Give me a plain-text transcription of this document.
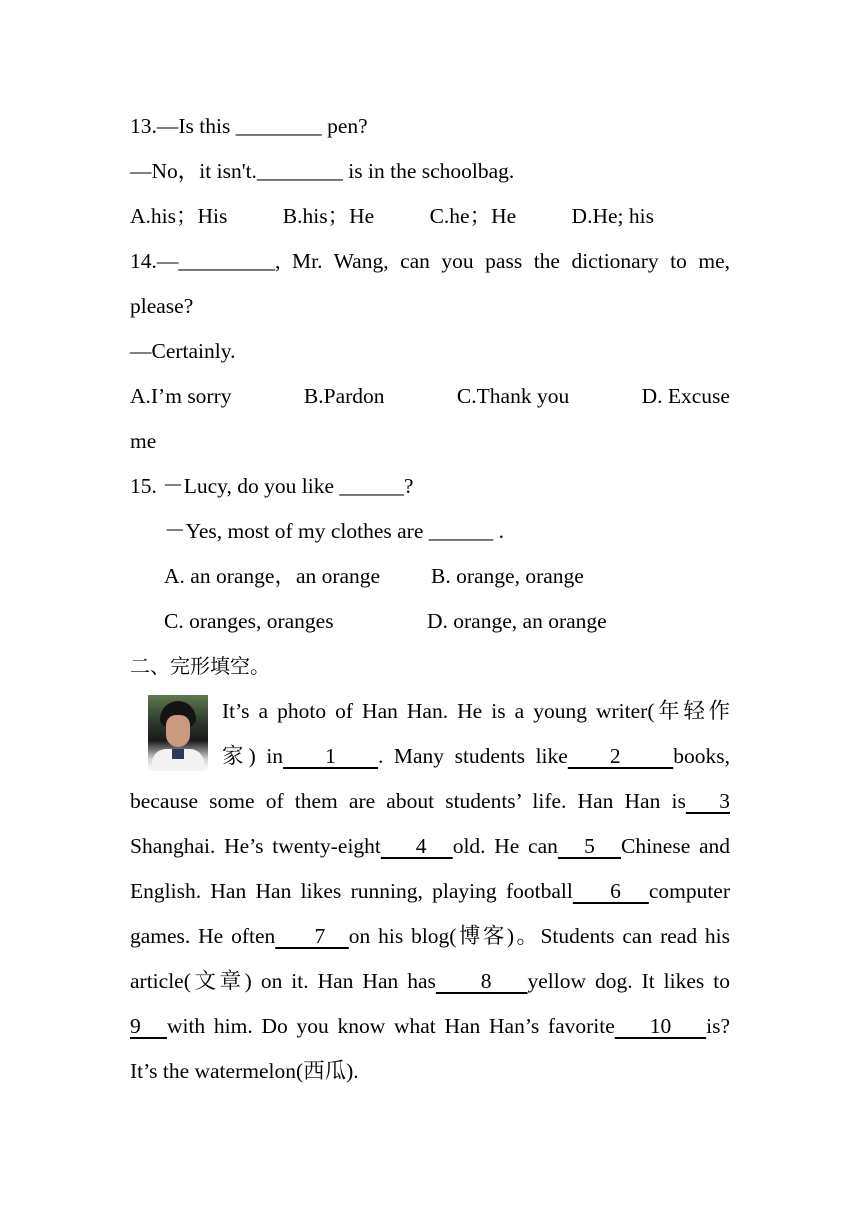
13.—Is this ________ pen?
—No，it isn't.________ is in the schoolbag.
A.his；His	B.his；He	C.he；He	D.He; his
14.—_________, Mr. Wang, can you pass the dictionary to me,
please?
—Certainly.
A.I’m sorry	B.Pardon	C.Thank you	D. Excuse
me
15. －Lucy, do you like ______?
－Yes, most of my clothes are ______ .
A. an orange，an orange B. orange, orange
C. oranges, oranges	D. orange, an orange
二、完形填空。
It’s a photo of Han Han. He is a young writer(年轻作
家) in    1    . Many students like    2     books,
because some of them are about students’ life. Han Han is   3
Shanghai. He’s twenty-eight    4   old. He can   5   Chinese and
English. Han Han likes running, playing football    6   computer
games. He often     7   on his blog(博客)。Students can read his
article(文章) on it. Han Han has     8    yellow dog. It likes to
9   with him. Do you know what Han Han’s favorite    10    is?
It’s the watermelon(西瓜).
